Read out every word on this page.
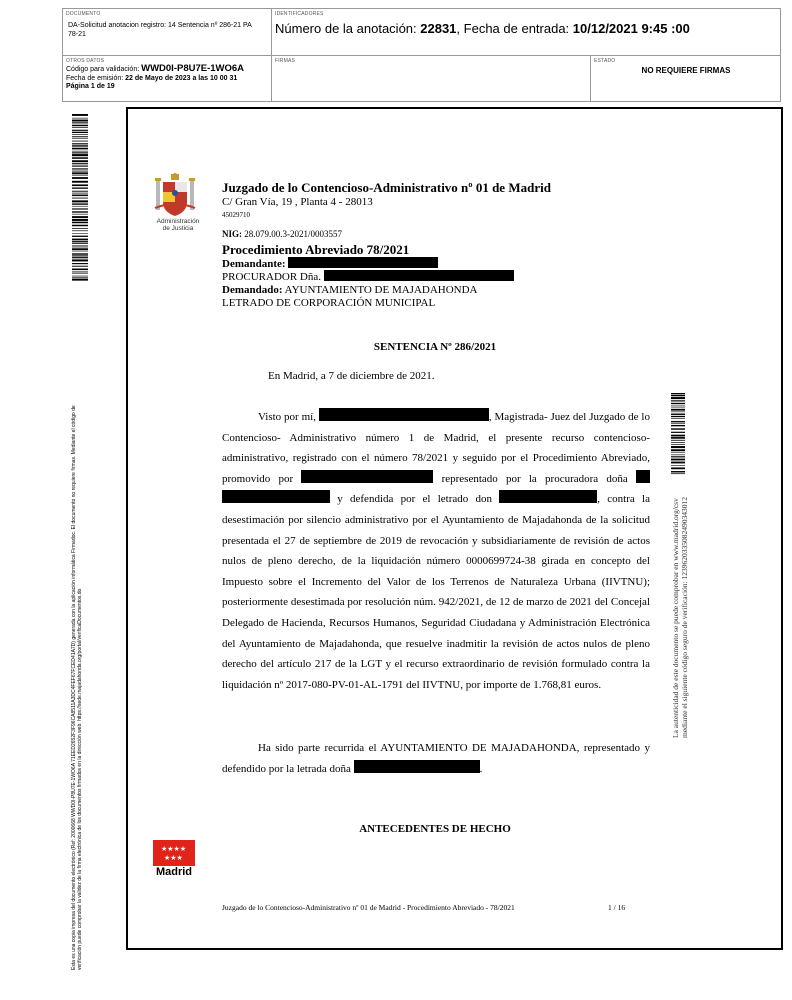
DOCUMENTO
DA-Solicitud anotacion registro: 14 Sentencia nº 286-21 PA 78-21
IDENTIFICADORES
Número de la anotación: 22831, Fecha de entrada: 10/12/2021 9:45 :00
OTROS DATOS
Código para validación: WWD0I-P8U7E-1WO6A
Fecha de emisión: 22 de Mayo de 2023 a las 10 00 31
Página 1 de 19
FIRMAS	ESTADO
NO REQUIERE FIRMAS
Esta es una copia impresa del documento electrónico (Ref: 2000668 WWD0I-P8U7E-1WO6A 71EED2652F3F96CA8511A3DC4FEF67FCED41A7D) generada con la aplicación informática Firmadoc. El documento no requiere firmas. Mediante el código de verificación puede comprobar la validez de la firma electrónica de los documentos firmados en la dirección web: https://sede.majadahonda.org/portal/verificaDocumentos.do
Administración
de Justicia
Juzgado de lo Contencioso-Administrativo nº 01 de Madrid
C/ Gran Vía, 19 , Planta 4 - 28013
45029710
NIG: 28.079.00.3-2021/0003557
Procedimiento Abreviado 78/2021
Demandante:
PROCURADOR Dña.
Demandado: AYUNTAMIENTO DE MAJADAHONDA
LETRADO DE CORPORACIÓN MUNICIPAL
SENTENCIA Nº 286/2021
En Madrid, a 7 de diciembre de 2021.
Visto por mí,	, Magistrada- Juez del Juzgado de lo Contencioso- Administrativo número 1 de Madrid, el presente recurso contencioso-administrativo, registrado con el número 78/2021 y seguido por el Procedimiento Abreviado, promovido por	representado por la procuradora doña   y defendida por el letrado don	, contra la desestimación por silencio administrativo por el Ayuntamiento de Majadahonda de la solicitud presentada el 27 de septiembre de 2019 de revocación y subsidiariamente de revisión de actos nulos de pleno derecho, de la liquidación número 0000699724-38 girada en concepto del Impuesto sobre el Incremento del Valor de los Terrenos de Naturaleza Urbana (IIVTNU); posteriormente desestimada por resolución núm. 942/2021, de 12 de marzo de 2021 del Concejal Delegado de Hacienda, Recursos Humanos, Seguridad Ciudadana y Administración Electrónica del Ayuntamiento de Majadahonda, que resuelve inadmitir la revisión de actos nulos de pleno derecho del artículo 217 de la LGT y el recurso extraordinario de revisión formulado contra la liquidación nº 2017-080-PV-01-AL-1791 del IIVTNU, por importe de 1.768,81 euros.
Ha sido parte recurrida el AYUNTAMIENTO DE MAJADAHONDA, representado y defendido por la letrada doña	.
ANTECEDENTES DE HECHO
La autenticidad de este documento se puede comprobar en www.madrid.org/csv mediante el siguiente código seguro de verificación: 1239620335082490343012
★★★★
★★★
Madrid
Juzgado de lo Contencioso-Administrativo nº 01 de Madrid - Procedimiento Abreviado - 78/2021	1 / 16
